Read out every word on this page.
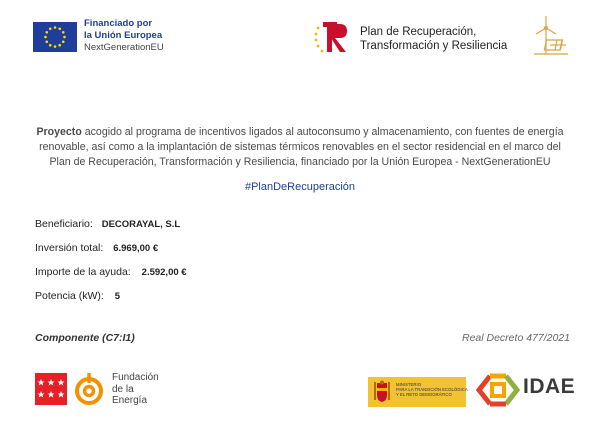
Financiado por
la Unión Europea
NextGenerationEU
Plan de Recuperación,
Transformación y Resiliencia
Proyecto acogido al programa de incentivos ligados al autoconsumo y almacenamiento, con fuentes de energía renovable, así como a la implantación de sistemas térmicos renovables en el sector residencial en el marco del Plan de Recuperación, Transformación y Resiliencia, financiado por la Unión Europea - NextGenerationEU
#PlanDeRecuperación
Beneficiario: DECORAYAL, S.L
Inversión total: 6.969,00 €
Importe de la ayuda: 2.592,00 €
Potencia (kW): 5
Componente (C7:I1)	Real Decreto 477/2021
Fundación
de la
Energía
MINISTERIO
PARA LA TRANSICIÓN ECOLÓGICA
Y EL RETO DEMOGRÁFICO	IDAE
